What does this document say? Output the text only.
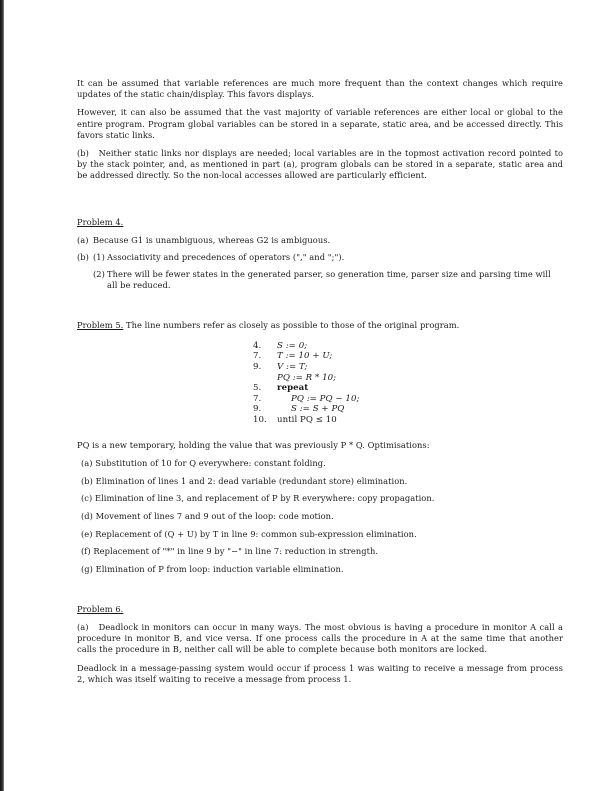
It can be assumed that variable references are much more frequent than the context changes which require updates of the static chain/display. This favors displays.

However, it can also be assumed that the vast majority of variable references are either local or global to the entire program. Program global variables can be stored in a separate, static area, and be accessed directly. This favors static links.

(b) Neither static links nor displays are needed; local variables are in the topmost activation record pointed to by the stack pointer, and, as mentioned in part (a), program globals can be stored in a separate, static area and be addressed directly. So the non-local accesses allowed are particularly efficient.

Problem 4.

(a) Because G1 is unambiguous, whereas G2 is ambiguous.
(b) (1) Associativity and precedences of operators ("," and ";").
(2) There will be fewer states in the generated parser, so generation time, parser size and parsing time will all be reduced.

Problem 5. The line numbers refer as closely as possible to those of the original program.

4.	S := 0;
7.	T := 10 + U;
9.	V := T;
PQ := R * 10;
5.	repeat
7.	PQ := PQ − 10;
9.	S := S + PQ
10.	until PQ ≤ 10

PQ is a new temporary, holding the value that was previously P * Q. Optimisations:

(a) Substitution of 10 for Q everywhere: constant folding.
(b) Elimination of lines 1 and 2: dead variable (redundant store) elimination.
(c) Elimination of line 3, and replacement of P by R everywhere: copy propagation.
(d) Movement of lines 7 and 9 out of the loop: code motion.
(e) Replacement of (Q + U) by T in line 9: common sub-expression elimination.
(f) Replacement of "*" in line 9 by "−" in line 7: reduction in strength.
(g) Elimination of P from loop: induction variable elimination.

Problem 6.

(a) Deadlock in monitors can occur in many ways. The most obvious is having a procedure in monitor A call a procedure in monitor B, and vice versa. If one process calls the procedure in A at the same time that another calls the procedure in B, neither call will be able to complete because both monitors are locked.

Deadlock in a message-passing system would occur if process 1 was waiting to receive a message from process 2, which was itself waiting to receive a message from process 1.
